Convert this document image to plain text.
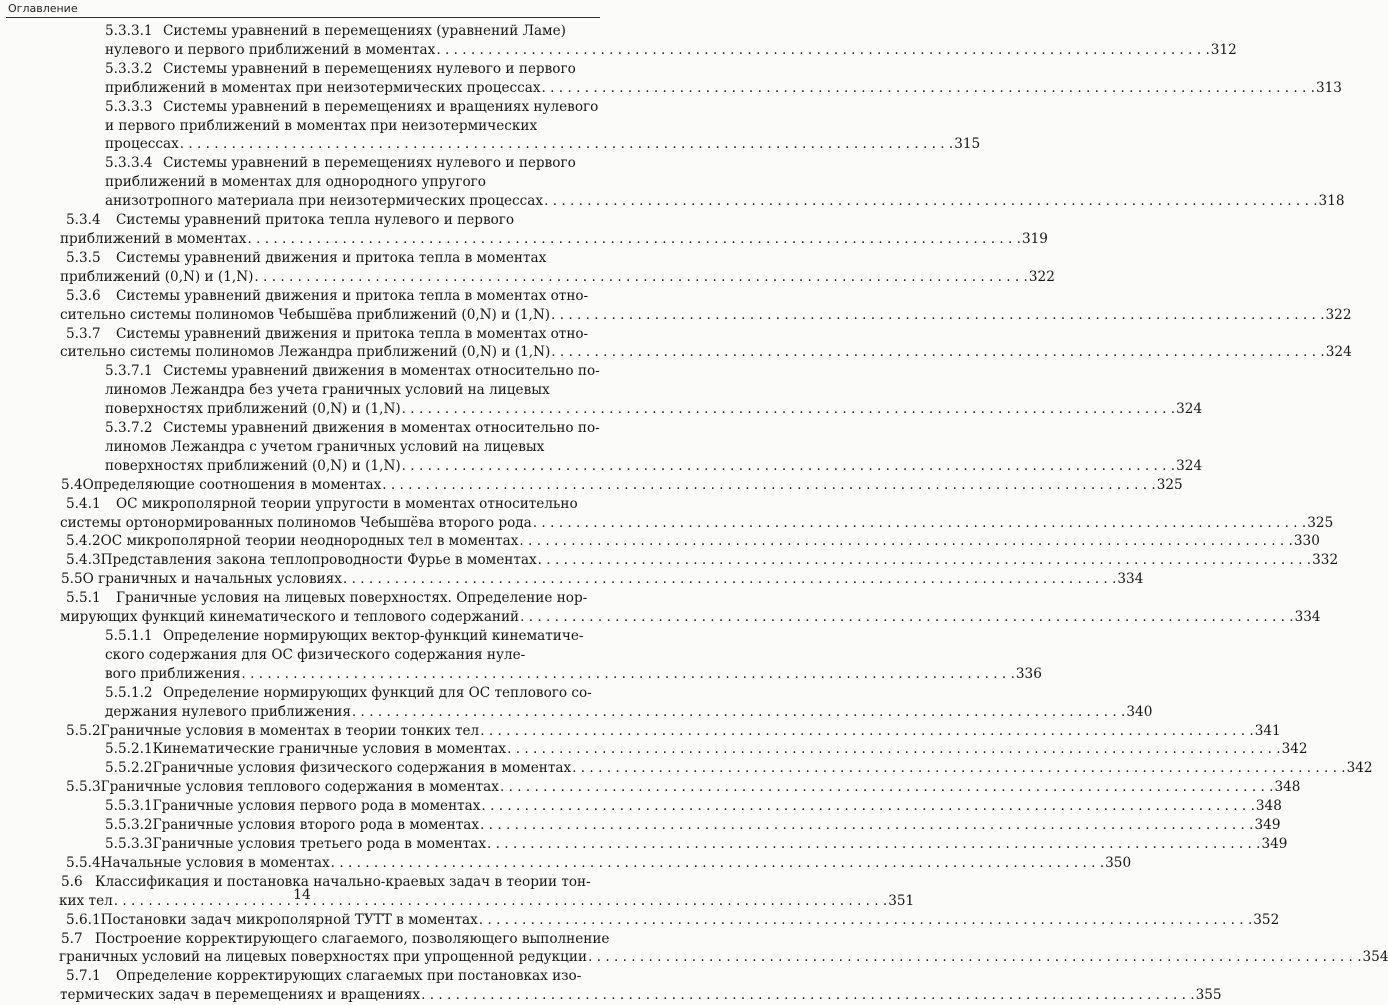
Оглавление
5.3.3.1 Системы уравнений в перемещениях (уравнений Ламе)
нулевого и первого приближений в моментах . . .	312
5.3.3.2 Системы уравнений в перемещениях нулевого и первого
приближений в моментах при неизотермических процессах . . .	313
5.3.3.3 Системы уравнений в перемещениях и вращениях нулевого
и первого приближений в моментах при неизотермических
процессах . . .	315
5.3.3.4 Системы уравнений в перемещениях нулевого и первого
приближений в моментах для однородного упругого
анизотропного материала при неизотермических процессах . . .	318
5.3.4	Системы уравнений притока тепла нулевого и первого
приближений в моментах . . .	319
5.3.5	Системы уравнений движения и притока тепла в моментах
приближений (0,N) и (1,N) . . .	322
5.3.6	Системы уравнений движения и притока тепла в моментах отно-
сительно системы полиномов Чебышёва приближений (0,N) и (1,N) . . .	322
5.3.7	Системы уравнений движения и притока тепла в моментах отно-
сительно системы полиномов Лежандра приближений (0,N) и (1,N) . . .	324
5.3.7.1 Системы уравнений движения в моментах относительно по-
линомов Лежандра без учета граничных условий на лицевых
поверхностях приближений (0,N) и (1,N) . . .	324
5.3.7.2 Системы уравнений движения в моментах относительно по-
линомов Лежандра с учетом граничных условий на лицевых
поверхностях приближений (0,N) и (1,N) . . .	324
5.4 Определяющие соотношения в моментах . . .	325
5.4.1	ОС микрополярной теории упругости в моментах относительно
системы ортонормированных полиномов Чебышёва второго рода . . .	325
5.4.2 ОС микрополярной теории неоднородных тел в моментах . . .	330
5.4.3 Представления закона теплопроводности Фурье в моментах . . .	332
5.5 О граничных и начальных условиях . . .	334
5.5.1	Граничные условия на лицевых поверхностях. Определение нор-
мирующих функций кинематического и теплового содержаний . . .	334
5.5.1.1 Определение нормирующих вектор-функций кинематиче-
ского содержания для ОС физического содержания нуле-
вого приближения . . .	336
5.5.1.2 Определение нормирующих функций для ОС теплового со-
держания нулевого приближения . . .	340
5.5.2 Граничные условия в моментах в теории тонких тел . . .	341
5.5.2.1 Кинематические граничные условия в моментах . . .	342
5.5.2.2 Граничные условия физического содержания в моментах . . .	342
5.5.3 Граничные условия теплового содержания в моментах . . .	348
5.5.3.1 Граничные условия первого рода в моментах . . .	348
5.5.3.2 Граничные условия второго рода в моментах . . .	349
5.5.3.3 Граничные условия третьего рода в моментах . . .	349
5.5.4 Начальные условия в моментах . . .	350
5.6 Классификация и постановка начально-краевых задач в теории тон-
ких тел . . .	351
5.6.1 Постановки задач микрополярной ТУТТ в моментах . . .	352
5.7 Построение корректирующего слагаемого, позволяющего выполнение
граничных условий на лицевых поверхностях при упрощенной редукции . . .	354
5.7.1	Определение корректирующих слагаемых при постановках изо-
термических задач в перемещениях и вращениях . . .	355
14
